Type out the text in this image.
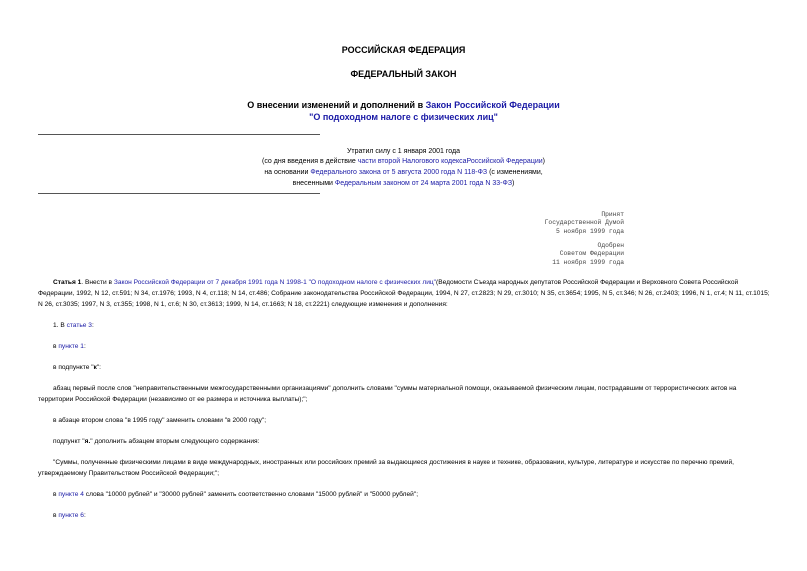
РОССИЙСКАЯ ФЕДЕРАЦИЯ
ФЕДЕРАЛЬНЫЙ ЗАКОН
О внесении изменений и дополнений в Закон Российской Федерации
"О подоходном налоге с физических лиц"
Утратил силу с 1 января 2001 года
(со дня введения в действие части второй Налогового кодексаРоссийской Федерации)
на основании Федерального закона от 5 августа 2000 года N 118-ФЗ (с изменениями,
внесенными Федеральным законом от 24 марта 2001 года N 33-ФЗ)
Принят
Государственной Думой
5 ноября 1999 года
Одобрен
Советом Федерации
11 ноября 1999 года
Статья 1. Внести в Закон Российской Федерации от 7 декабря 1991 года N 1998-1 "О подоходном налоге с физических лиц"(Ведомости Съезда народных депутатов Российской Федерации и Верховного Совета Российской Федерации, 1992, N 12, ст.591; N 34, ст.1976; 1993, N 4, ст.118; N 14, ст.486; Собрание законодательства Российской Федерации, 1994, N 27, ст.2823; N 29, ст.3010; N 35, ст.3654; 1995, N 5, ст.346; N 26, ст.2403; 1996, N 1, ст.4; N 11, ст.1015; N 26, ст.3035; 1997, N 3, ст.355; 1998, N 1, ст.6; N 30, ст.3613; 1999, N 14, ст.1663; N 18, ст.2221) следующие изменения и дополнения:
1. В статье 3:
в пункте 1:
в подпункте "к":
абзац первый после слов "неправительственными межгосударственными организациями" дополнить словами "суммы материальной помощи, оказываемой физическим лицам, пострадавшим от террористических актов на территории Российской Федерации (независимо от ее размера и источника выплаты);";
в абзаце втором слова "в 1995 году" заменить словами "в 2000 году";
подпункт "я." дополнить абзацем вторым следующего содержания:
"Суммы, полученные физическими лицами в виде международных, иностранных или российских премий за выдающиеся достижения в науке и технике, образовании, культуре, литературе и искусстве по перечню премий, утверждаемому Правительством Российской Федерации;";
в пункте 4 слова "10000 рублей" и "30000 рублей" заменить соответственно словами "15000 рублей" и "50000 рублей";
в пункте 6:
